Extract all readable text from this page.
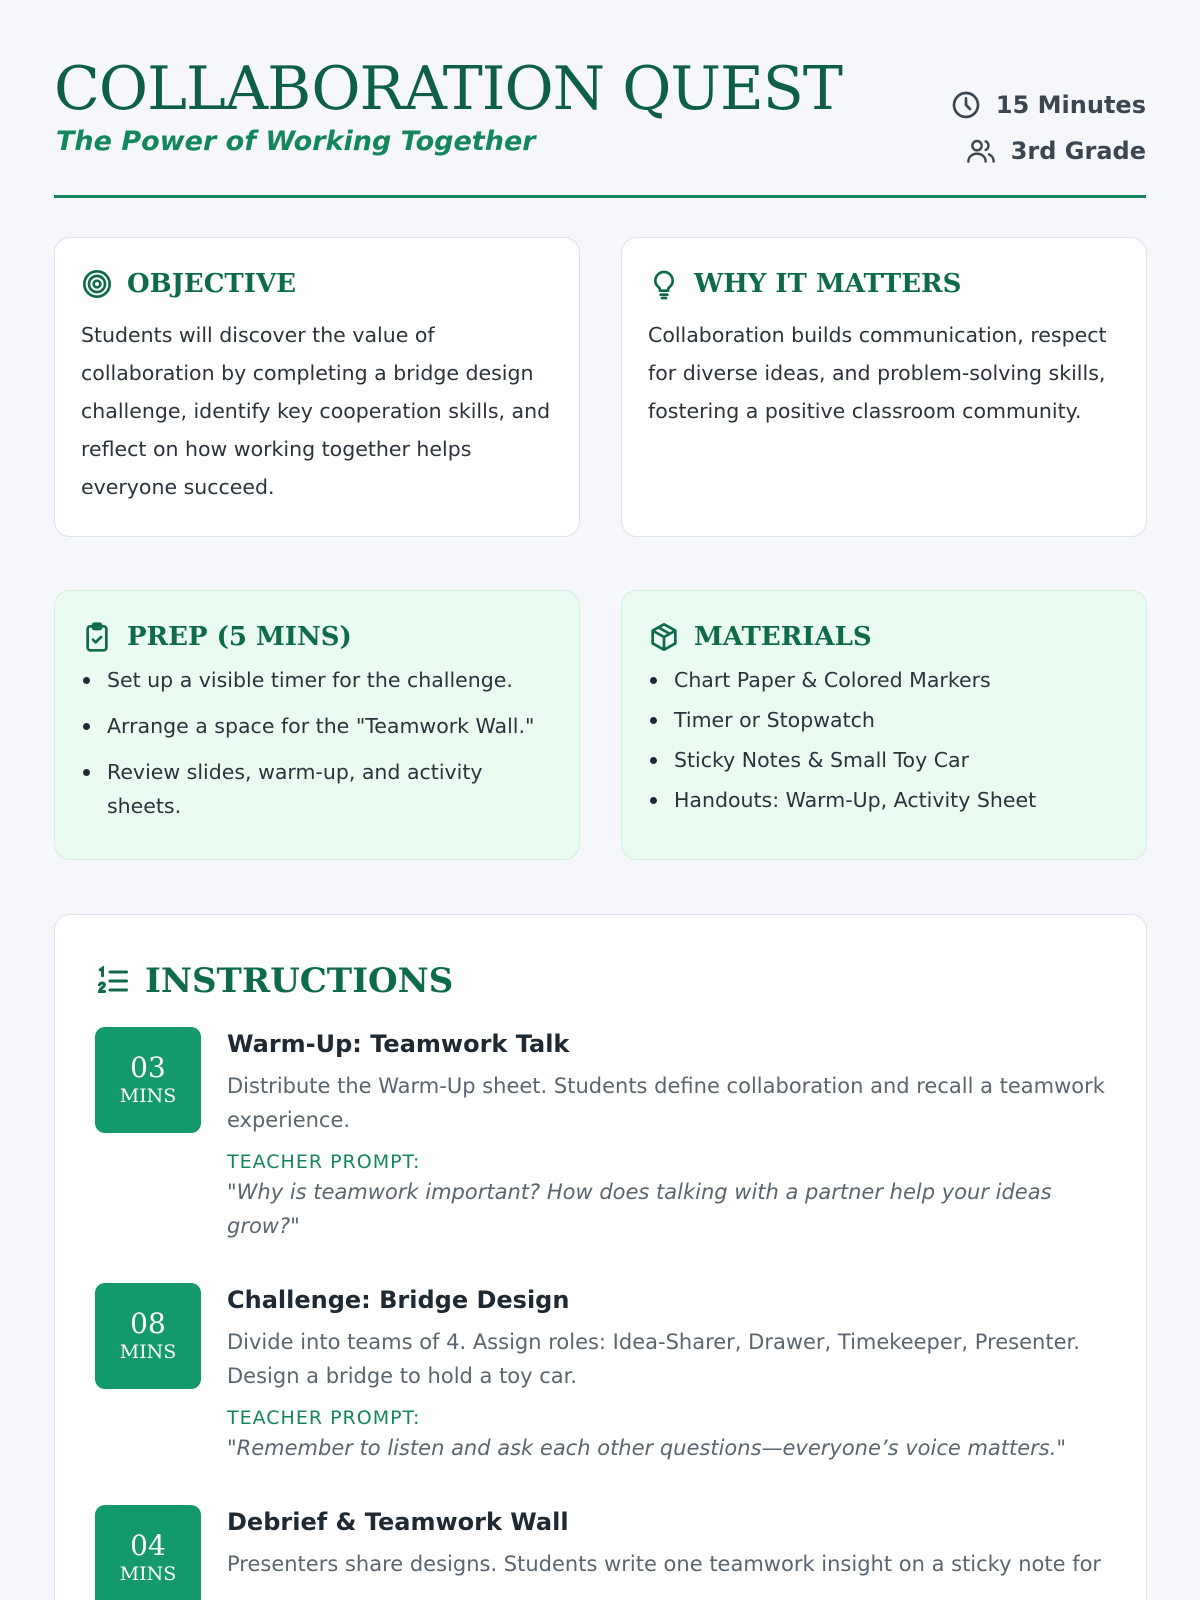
COLLABORATION QUEST
The Power of Working Together
15 Minutes
3rd Grade
OBJECTIVE

Students will discover the value of collaboration by completing a bridge design challenge, identify key cooperation skills, and reflect on how working together helps everyone succeed.

WHY IT MATTERS

Collaboration builds communication, respect for diverse ideas, and problem-solving skills, fostering a positive classroom community.

PREP (5 MINS)
Set up a visible timer for the challenge.
Arrange a space for the "Teamwork Wall."
Review slides, warm-up, and activity sheets.
MATERIALS
Chart Paper & Colored Markers
Timer or Stopwatch
Sticky Notes & Small Toy Car
Handouts: Warm-Up, Activity Sheet
INSTRUCTIONS
03
MINS
Warm-Up: Teamwork Talk
Distribute the Warm-Up sheet. Students define collaboration and recall a teamwork experience.
TEACHER PROMPT:
"Why is teamwork important? How does talking with a partner help your ideas grow?"
08
MINS
Challenge: Bridge Design
Divide into teams of 4. Assign roles: Idea-Sharer, Drawer, Timekeeper, Presenter. Design a bridge to hold a toy car.
TEACHER PROMPT:
"Remember to listen and ask each other questions—everyone’s voice matters."
04
MINS
Debrief & Teamwork Wall
Presenters share designs. Students write one teamwork insight on a sticky note for
